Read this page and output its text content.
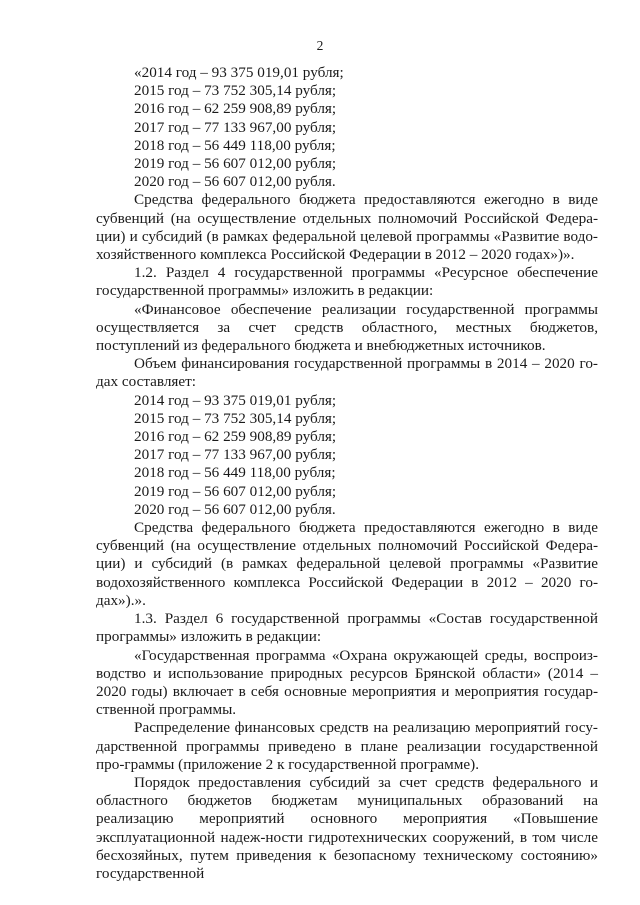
2
«2014 год – 93 375 019,01 рубля;
2015 год – 73 752 305,14 рубля;
2016 год – 62 259 908,89 рубля;
2017 год – 77 133 967,00 рубля;
2018 год – 56 449 118,00 рубля;
2019 год – 56 607 012,00 рубля;
2020 год – 56 607 012,00 рубля.
Средства федерального бюджета предоставляются ежегодно в виде субвенций (на осуществление отдельных полномочий Российской Федера-ции) и субсидий (в рамках федеральной целевой программы «Развитие водо-хозяйственного комплекса Российской Федерации в 2012 – 2020 годах»)».
1.2. Раздел 4 государственной программы «Ресурсное обеспечение государственной программы» изложить в редакции:
«Финансовое обеспечение реализации государственной программы осуществляется за счет средств областного, местных бюджетов, поступлений из федерального бюджета и внебюджетных источников.
Объем финансирования государственной программы в 2014 – 2020 го-дах составляет:
2014 год – 93 375 019,01 рубля;
2015 год – 73 752 305,14 рубля;
2016 год – 62 259 908,89 рубля;
2017 год – 77 133 967,00 рубля;
2018 год – 56 449 118,00 рубля;
2019 год – 56 607 012,00 рубля;
2020 год – 56 607 012,00 рубля.
Средства федерального бюджета предоставляются ежегодно в виде субвенций (на осуществление отдельных полномочий Российской Федера-ции) и субсидий (в рамках федеральной целевой программы «Развитие водохозяйственного комплекса Российской Федерации в 2012 – 2020 го-дах»).».
1.3. Раздел 6 государственной программы «Состав государственной программы» изложить в редакции:
«Государственная программа «Охрана окружающей среды, воспроиз-водство и использование природных ресурсов Брянской области» (2014 – 2020 годы) включает в себя основные мероприятия и мероприятия государ-ственной программы.
Распределение финансовых средств на реализацию мероприятий госу-дарственной программы приведено в плане реализации государственной про-граммы (приложение 2 к государственной программе).
Порядок предоставления субсидий за счет средств федерального и областного бюджетов бюджетам муниципальных образований на реализацию мероприятий основного мероприятия «Повышение эксплуатационной надеж-ности гидротехнических сооружений, в том числе бесхозяйных, путем приведения к безопасному техническому состоянию» государственной
